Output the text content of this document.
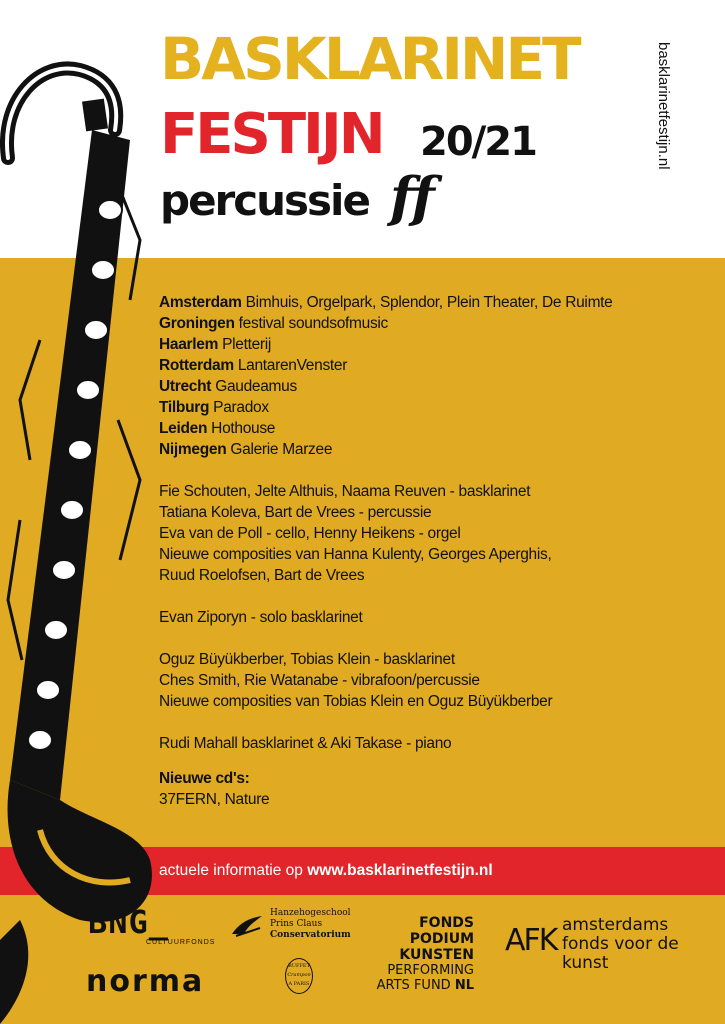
BASKLARINET
FESTIJN 20/21
percussie ff
basklarinetfestijn.nl
Amsterdam Bimhuis, Orgelpark, Splendor, Plein Theater, De Ruimte
Groningen festival soundsofmusic
Haarlem Pletterij
Rotterdam LantarenVenster
Utrecht Gaudeamus
Tilburg Paradox
Leiden Hothouse
Nijmegen Galerie Marzee
Fie Schouten, Jelte Althuis, Naama Reuven - basklarinet
Tatiana Koleva, Bart de Vrees - percussie
Eva van de Poll - cello, Henny Heikens - orgel
Nieuwe composities van Hanna Kulenty, Georges Aperghis,
Ruud Roelofsen, Bart de Vrees
Evan Ziporyn - solo basklarinet
Oguz Büyükberber, Tobias Klein - basklarinet
Ches Smith, Rie Watanabe - vibrafoon/percussie
Nieuwe composities van Tobias Klein en Oguz Büyükberber
Rudi Mahall basklarinet & Aki Takase - piano
Nieuwe cd's:
37FERN, Nature
actuele informatie op www.basklarinetfestijn.nl
BNG_
CULTUURFONDS
norma
Hanzehogeschool
Prins Claus
Conservatorium
BUFFET
Crampon
A PARIS
FONDS
PODIUM
KUNSTEN
PERFORMING
ARTS FUND NL
AFK amsterdams
fonds voor de
kunst
